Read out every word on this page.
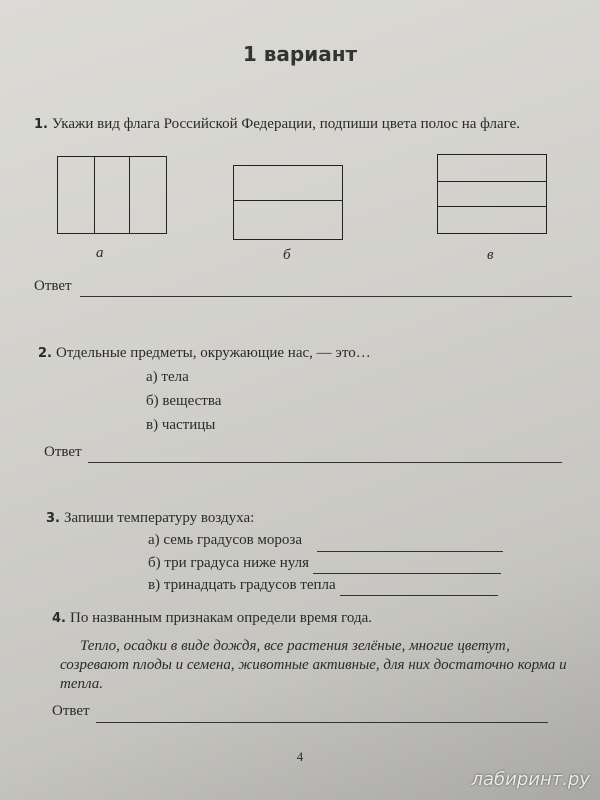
1 вариант
1. Укажи вид флага Российской Федерации, подпиши цвета полос на флаге.
а	б	в
Ответ
2. Отдельные предметы, окружающие нас, — это…
а) тела
б) вещества
в) частицы
Ответ
3. Запиши температуру воздуха:
а) семь градусов мороза
б) три градуса ниже нуля
в) тринадцать градусов тепла
4. По названным признакам определи время года.
Тепло, осадки в виде дождя, все растения зелёные, многие цветут, созревают плоды и семена, животные активные, для них достаточно корма и тепла.
Ответ
4
лабиринт.ру
